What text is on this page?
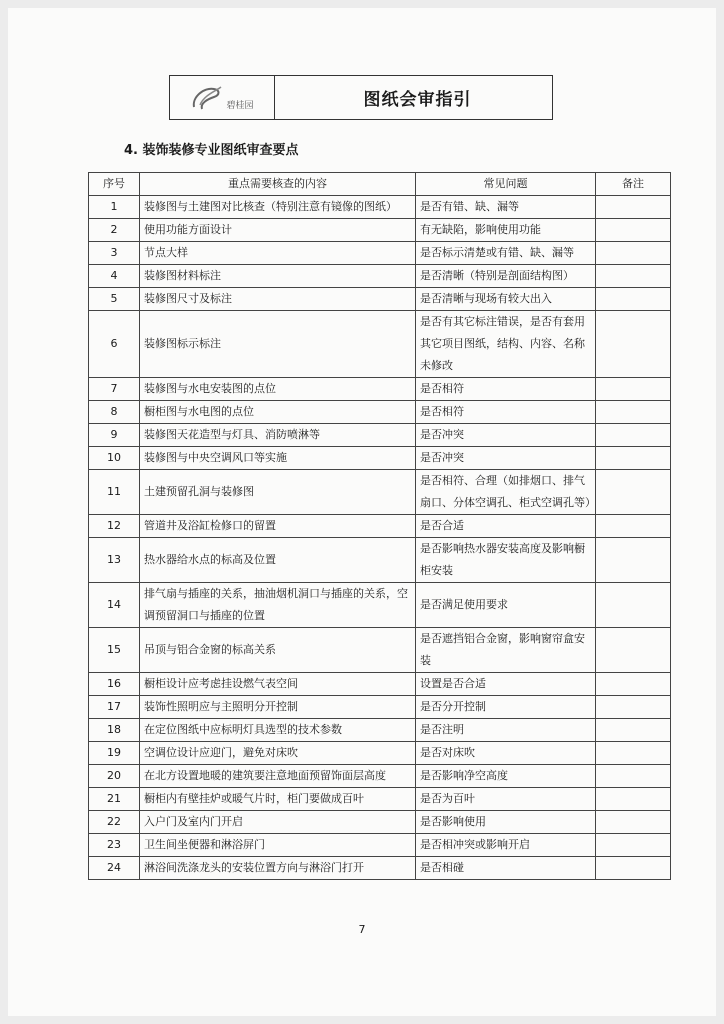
碧桂园	图纸会审指引
4. 装饰装修专业图纸审查要点
序号	重点需要核查的内容	常见问题	备注
1	装修图与土建图对比核查（特别注意有镜像的图纸）	是否有错、缺、漏等	
2	使用功能方面设计	有无缺陷，影响使用功能	
3	节点大样	是否标示清楚或有错、缺、漏等	
4	装修图材料标注	是否清晰（特别是剖面结构图）	
5	装修图尺寸及标注	是否清晰与现场有较大出入	
6	装修图标示标注	是否有其它标注错误，是否有套用其它项目图纸，结构、内容、名称未修改	
7	装修图与水电安装图的点位	是否相符	
8	橱柜图与水电图的点位	是否相符	
9	装修图天花造型与灯具、消防喷淋等	是否冲突	
10	装修图与中央空调风口等实施	是否冲突	
11	土建预留孔洞与装修图	是否相符、合理（如排烟口、排气扇口、分体空调孔、柜式空调孔等）	
12	管道井及浴缸检修口的留置	是否合适	
13	热水器给水点的标高及位置	是否影响热水器安装高度及影响橱柜安装	
14	排气扇与插座的关系，抽油烟机洞口与插座的关系，空调预留洞口与插座的位置	是否满足使用要求	
15	吊顶与铝合金窗的标高关系	是否遮挡铝合金窗，影响窗帘盒安装	
16	橱柜设计应考虑挂设燃气表空间	设置是否合适	
17	装饰性照明应与主照明分开控制	是否分开控制	
18	在定位图纸中应标明灯具选型的技术参数	是否注明	
19	空调位设计应迎门，避免对床吹	是否对床吹	
20	在北方设置地暖的建筑要注意地面预留饰面层高度	是否影响净空高度	
21	橱柜内有壁挂炉或暖气片时，柜门要做成百叶	是否为百叶	
22	入户门及室内门开启	是否影响使用	
23	卫生间坐便器和淋浴屏门	是否相冲突或影响开启	
24	淋浴间洗涤龙头的安装位置方向与淋浴门打开	是否相碰	
7
